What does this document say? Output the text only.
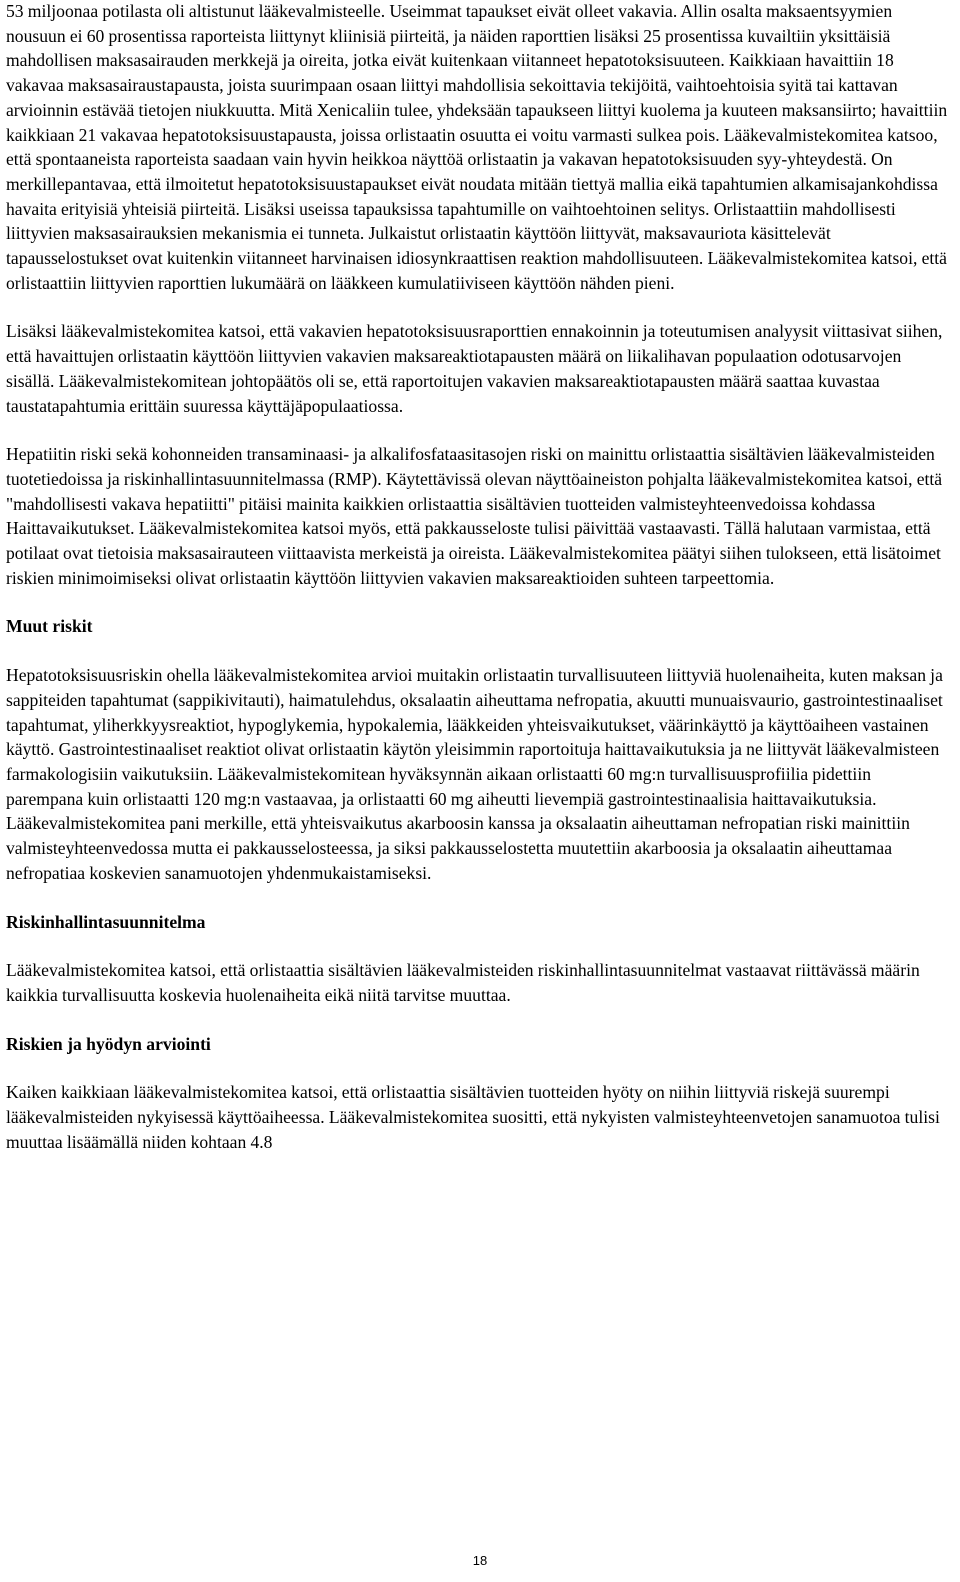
53 miljoonaa potilasta oli altistunut lääkevalmisteelle. Useimmat tapaukset eivät olleet vakavia. Allin osalta maksaentsyymien nousuun ei 60 prosentissa raporteista liittynyt kliinisiä piirteitä, ja näiden raporttien lisäksi 25 prosentissa kuvailtiin yksittäisiä mahdollisen maksasairauden merkkejä ja oireita, jotka eivät kuitenkaan viitanneet hepatotoksisuuteen. Kaikkiaan havaittiin 18 vakavaa maksasairaustapausta, joista suurimpaan osaan liittyi mahdollisia sekoittavia tekijöitä, vaihtoehtoisia syitä tai kattavan arvioinnin estävää tietojen niukkuutta. Mitä Xenicaliin tulee, yhdeksään tapaukseen liittyi kuolema ja kuuteen maksansiirto; havaittiin kaikkiaan 21 vakavaa hepatotoksisuustapausta, joissa orlistaatin osuutta ei voitu varmasti sulkea pois. Lääkevalmistekomitea katsoo, että spontaaneista raporteista saadaan vain hyvin heikkoa näyttöä orlistaatin ja vakavan hepatotoksisuuden syy-yhteydestä. On merkillepantavaa, että ilmoitetut hepatotoksisuustapaukset eivät noudata mitään tiettyä mallia eikä tapahtumien alkamisajankohdissa havaita erityisiä yhteisiä piirteitä. Lisäksi useissa tapauksissa tapahtumille on vaihtoehtoinen selitys. Orlistaattiin mahdollisesti liittyvien maksasairauksien mekanismia ei tunneta. Julkaistut orlistaatin käyttöön liittyvät, maksavauriota käsittelevät tapausselostukset ovat kuitenkin viitanneet harvinaisen idiosynkraattisen reaktion mahdollisuuteen. Lääkevalmistekomitea katsoi, että orlistaattiin liittyvien raporttien lukumäärä on lääkkeen kumulatiiviseen käyttöön nähden pieni.

Lisäksi lääkevalmistekomitea katsoi, että vakavien hepatotoksisuusraporttien ennakoinnin ja toteutumisen analyysit viittasivat siihen, että havaittujen orlistaatin käyttöön liittyvien vakavien maksareaktiotapausten määrä on liikalihavan populaation odotusarvojen sisällä. Lääkevalmistekomitean johtopäätös oli se, että raportoitujen vakavien maksareaktiotapausten määrä saattaa kuvastaa taustatapahtumia erittäin suuressa käyttäjäpopulaatiossa.

Hepatiitin riski sekä kohonneiden transaminaasi- ja alkalifosfataasitasojen riski on mainittu orlistaattia sisältävien lääkevalmisteiden tuotetiedoissa ja riskinhallintasuunnitelmassa (RMP). Käytettävissä olevan näyttöaineiston pohjalta lääkevalmistekomitea katsoi, että "mahdollisesti vakava hepatiitti" pitäisi mainita kaikkien orlistaattia sisältävien tuotteiden valmisteyhteenvedoissa kohdassa Haittavaikutukset. Lääkevalmistekomitea katsoi myös, että pakkausseloste tulisi päivittää vastaavasti. Tällä halutaan varmistaa, että potilaat ovat tietoisia maksasairauteen viittaavista merkeistä ja oireista. Lääkevalmistekomitea päätyi siihen tulokseen, että lisätoimet riskien minimoimiseksi olivat orlistaatin käyttöön liittyvien vakavien maksareaktioiden suhteen tarpeettomia.

Muut riskit

Hepatotoksisuusriskin ohella lääkevalmistekomitea arvioi muitakin orlistaatin turvallisuuteen liittyviä huolenaiheita, kuten maksan ja sappiteiden tapahtumat (sappikivitauti), haimatulehdus, oksalaatin aiheuttama nefropatia, akuutti munuaisvaurio, gastrointestinaaliset tapahtumat, yliherkkyysreaktiot, hypoglykemia, hypokalemia, lääkkeiden yhteisvaikutukset, väärinkäyttö ja käyttöaiheen vastainen käyttö. Gastrointestinaaliset reaktiot olivat orlistaatin käytön yleisimmin raportoituja haittavaikutuksia ja ne liittyvät lääkevalmisteen farmakologisiin vaikutuksiin. Lääkevalmistekomitean hyväksynnän aikaan orlistaatti 60 mg:n turvallisuusprofiilia pidettiin parempana kuin orlistaatti 120 mg:n vastaavaa, ja orlistaatti 60 mg aiheutti lievempiä gastrointestinaalisia haittavaikutuksia. Lääkevalmistekomitea pani merkille, että yhteisvaikutus akarboosin kanssa ja oksalaatin aiheuttaman nefropatian riski mainittiin valmisteyhteenvedossa mutta ei pakkausselosteessa, ja siksi pakkausselostetta muutettiin akarboosia ja oksalaatin aiheuttamaa nefropatiaa koskevien sanamuotojen yhdenmukaistamiseksi.

Riskinhallintasuunnitelma

Lääkevalmistekomitea katsoi, että orlistaattia sisältävien lääkevalmisteiden riskinhallintasuunnitelmat vastaavat riittävässä määrin kaikkia turvallisuutta koskevia huolenaiheita eikä niitä tarvitse muuttaa.

Riskien ja hyödyn arviointi

Kaiken kaikkiaan lääkevalmistekomitea katsoi, että orlistaattia sisältävien tuotteiden hyöty on niihin liittyviä riskejä suurempi lääkevalmisteiden nykyisessä käyttöaiheessa. Lääkevalmistekomitea suositti, että nykyisten valmisteyhteenvetojen sanamuotoa tulisi muuttaa lisäämällä niiden kohtaan 4.8

18
